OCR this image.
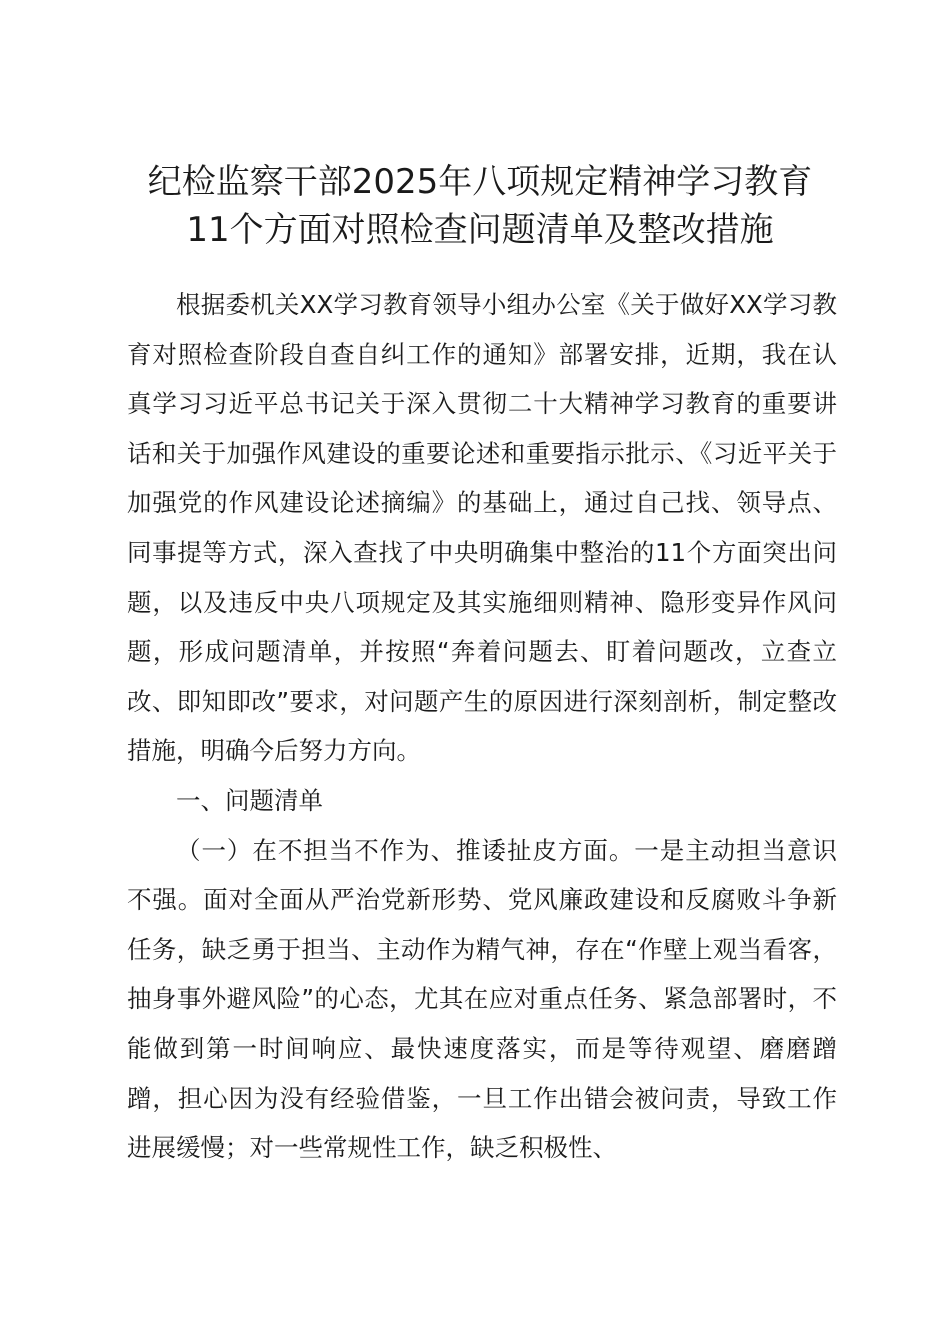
纪检监察干部2025年八项规定精神学习教育
11个方面对照检查问题清单及整改措施

根据委机关XX学习教育领导小组办公室《关于做好XX学习教育对照检查阶段自查自纠工作的通知》部署安排，近期，我在认真学习习近平总书记关于深入贯彻二十大精神学习教育的重要讲话和关于加强作风建设的重要论述和重要指示批示、《习近平关于加强党的作风建设论述摘编》的基础上，通过自己找、领导点、同事提等方式，深入查找了中央明确集中整治的11个方面突出问题，以及违反中央八项规定及其实施细则精神、隐形变异作风问题，形成问题清单，并按照“奔着问题去、盯着问题改，立查立改、即知即改”要求，对问题产生的原因进行深刻剖析，制定整改措施，明确今后努力方向。

一、问题清单

（一）在不担当不作为、推诿扯皮方面。一是主动担当意识不强。面对全面从严治党新形势、党风廉政建设和反腐败斗争新任务，缺乏勇于担当、主动作为精气神，存在“作壁上观当看客，抽身事外避风险”的心态，尤其在应对重点任务、紧急部署时，不能做到第一时间响应、最快速度落实，而是等待观望、磨磨蹭蹭，担心因为没有经验借鉴，一旦工作出错会被问责，导致工作进展缓慢；对一些常规性工作，缺乏积极性、
